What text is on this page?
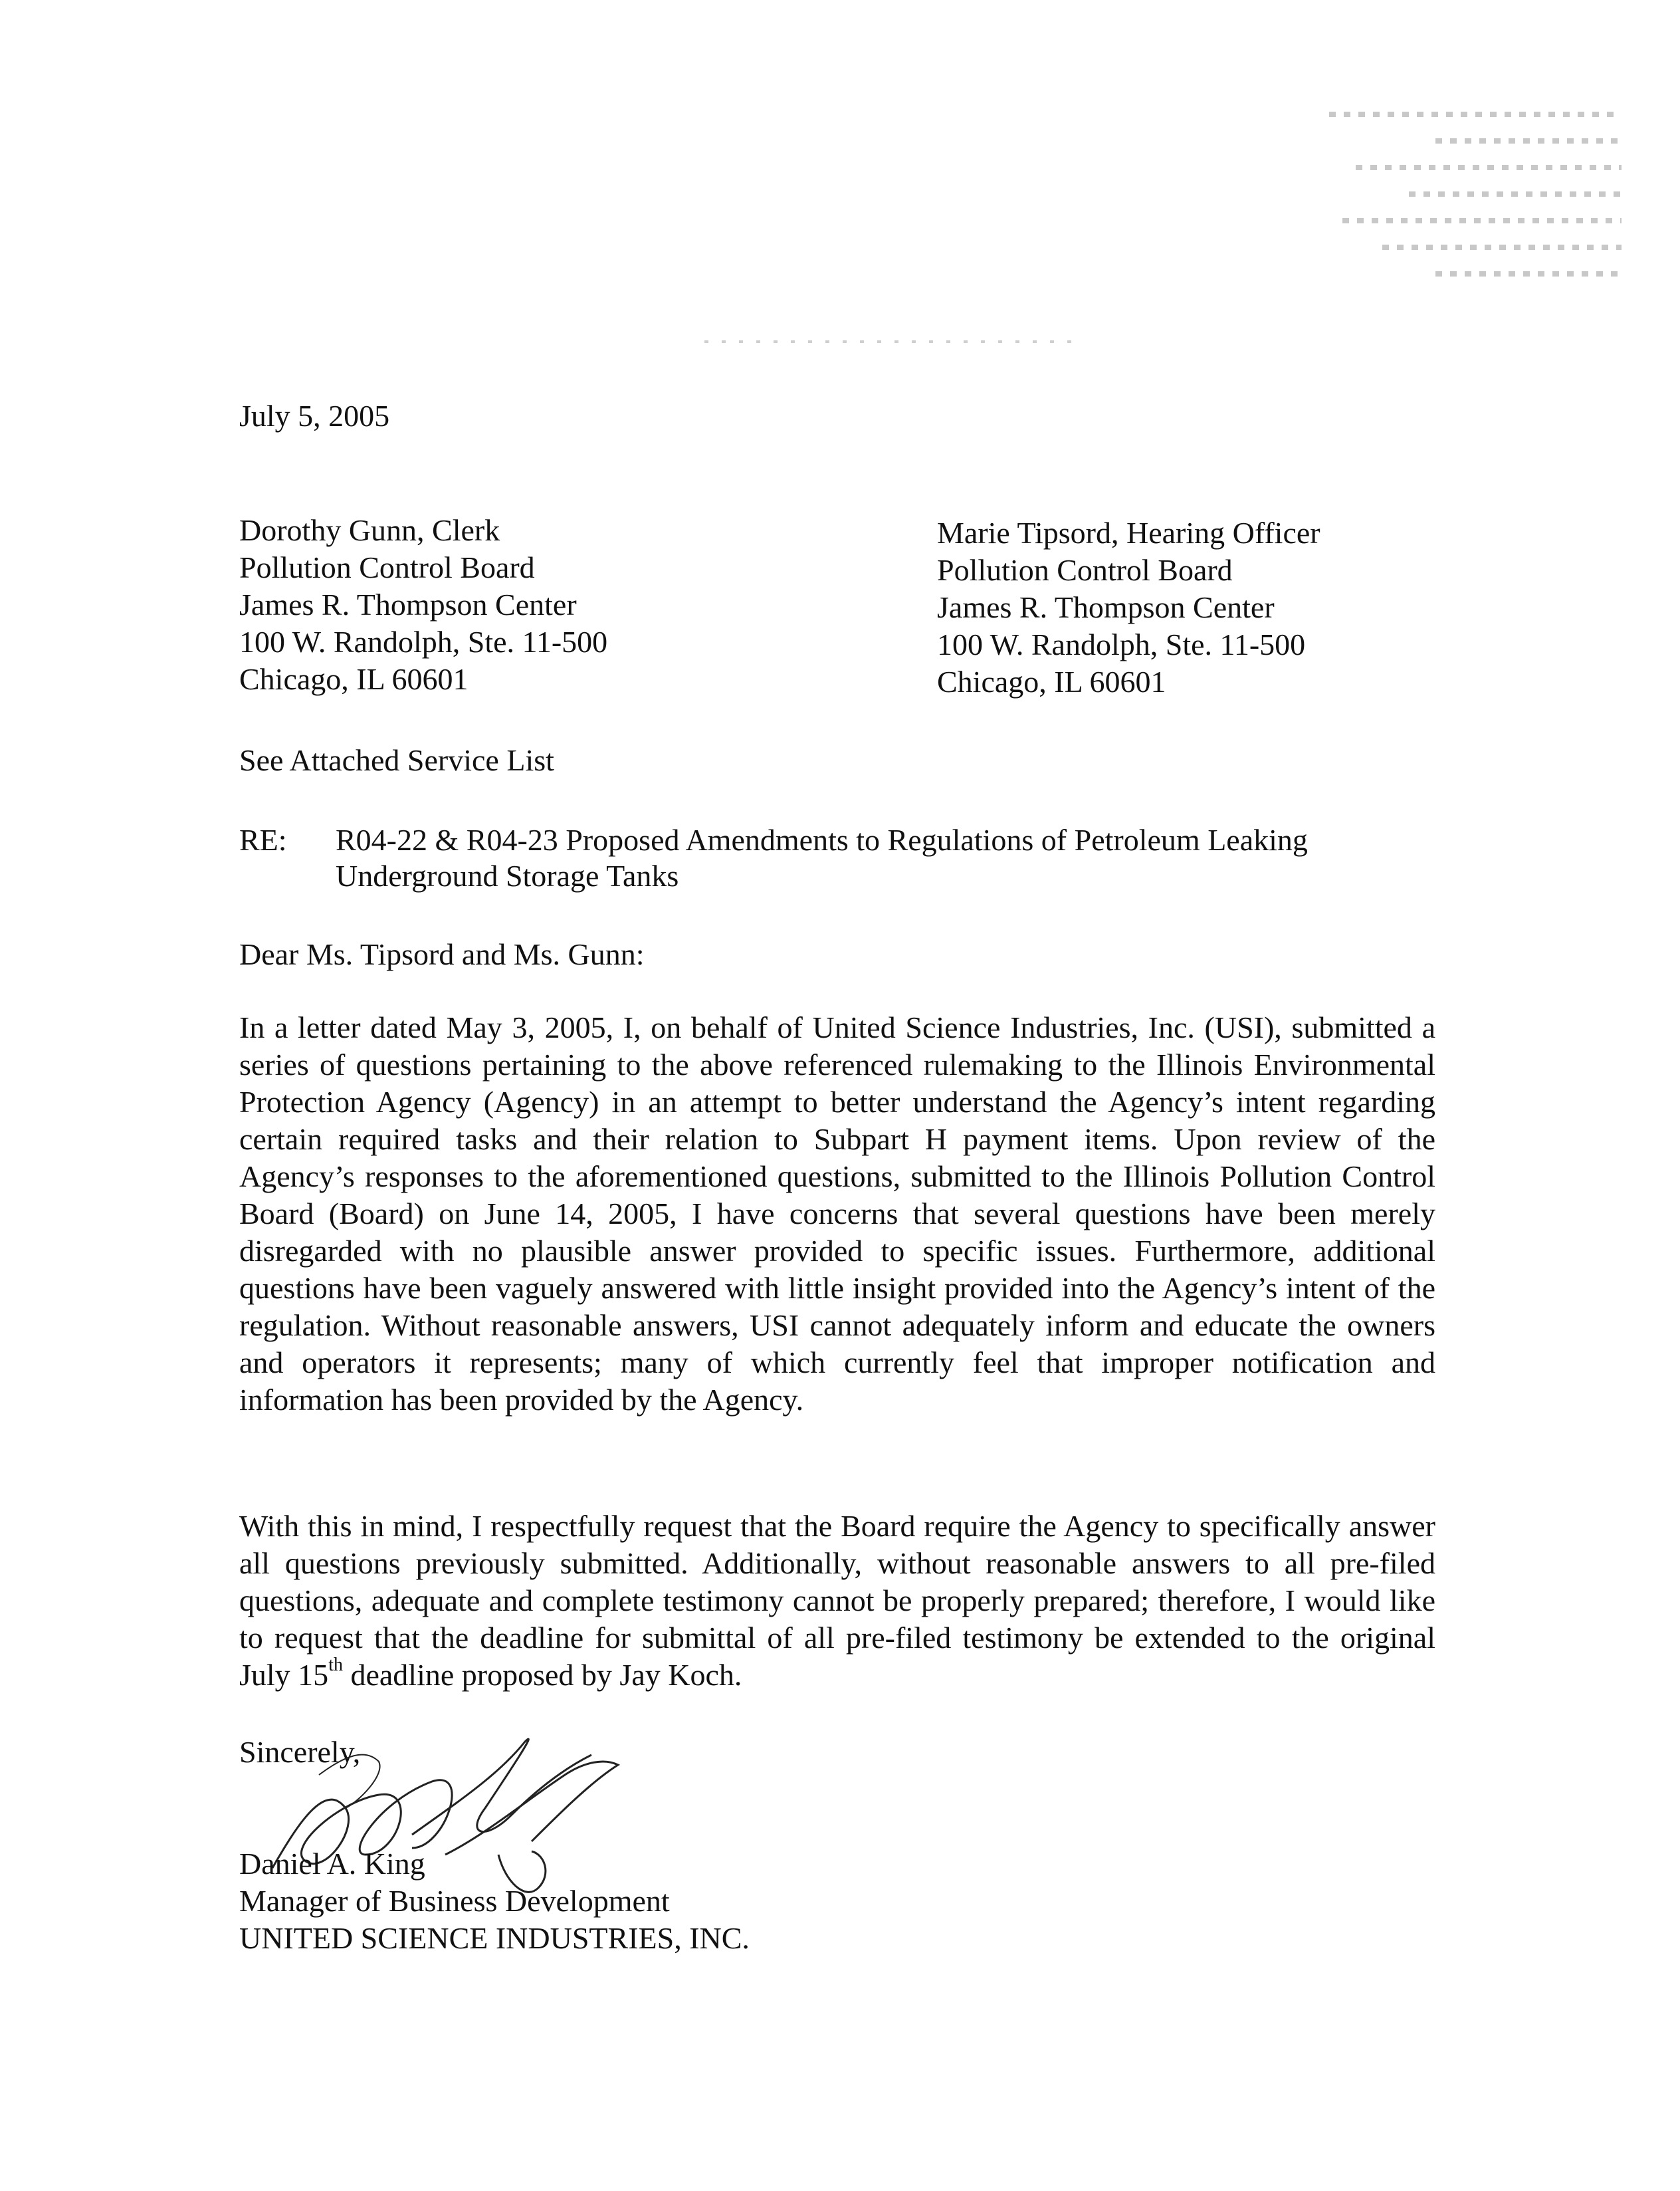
July 5, 2005
Dorothy Gunn, Clerk
Pollution Control Board
James R. Thompson Center
100 W. Randolph, Ste. 11-500
Chicago, IL 60601
Marie Tipsord, Hearing Officer
Pollution Control Board
James R. Thompson Center
100 W. Randolph, Ste. 11-500
Chicago, IL 60601
See Attached Service List
RE: R04-22 & R04-23 Proposed Amendments to Regulations of Petroleum Leaking
Underground Storage Tanks
Dear Ms. Tipsord and Ms. Gunn:
In a letter dated May 3, 2005, I, on behalf of United Science Industries, Inc. (USI), submitted a series of questions pertaining to the above referenced rulemaking to the Illinois Environmental Protection Agency (Agency) in an attempt to better understand the Agency’s intent regarding certain required tasks and their relation to Subpart H payment items. Upon review of the Agency’s responses to the aforementioned questions, submitted to the Illinois Pollution Control Board (Board) on June 14, 2005, I have concerns that several questions have been merely disregarded with no plausible answer provided to specific issues. Furthermore, additional questions have been vaguely answered with little insight provided into the Agency’s intent of the regulation. Without reasonable answers, USI cannot adequately inform and educate the owners and operators it represents; many of which currently feel that improper notification and information has been provided by the Agency.
With this in mind, I respectfully request that the Board require the Agency to specifically answer all questions previously submitted. Additionally, without reasonable answers to all pre-filed questions, adequate and complete testimony cannot be properly prepared; therefore, I would like to request that the deadline for submittal of all pre-filed testimony be extended to the original July 15th deadline proposed by Jay Koch.
Sincerely,
Daniel A. King
Manager of Business Development
UNITED SCIENCE INDUSTRIES, INC.
